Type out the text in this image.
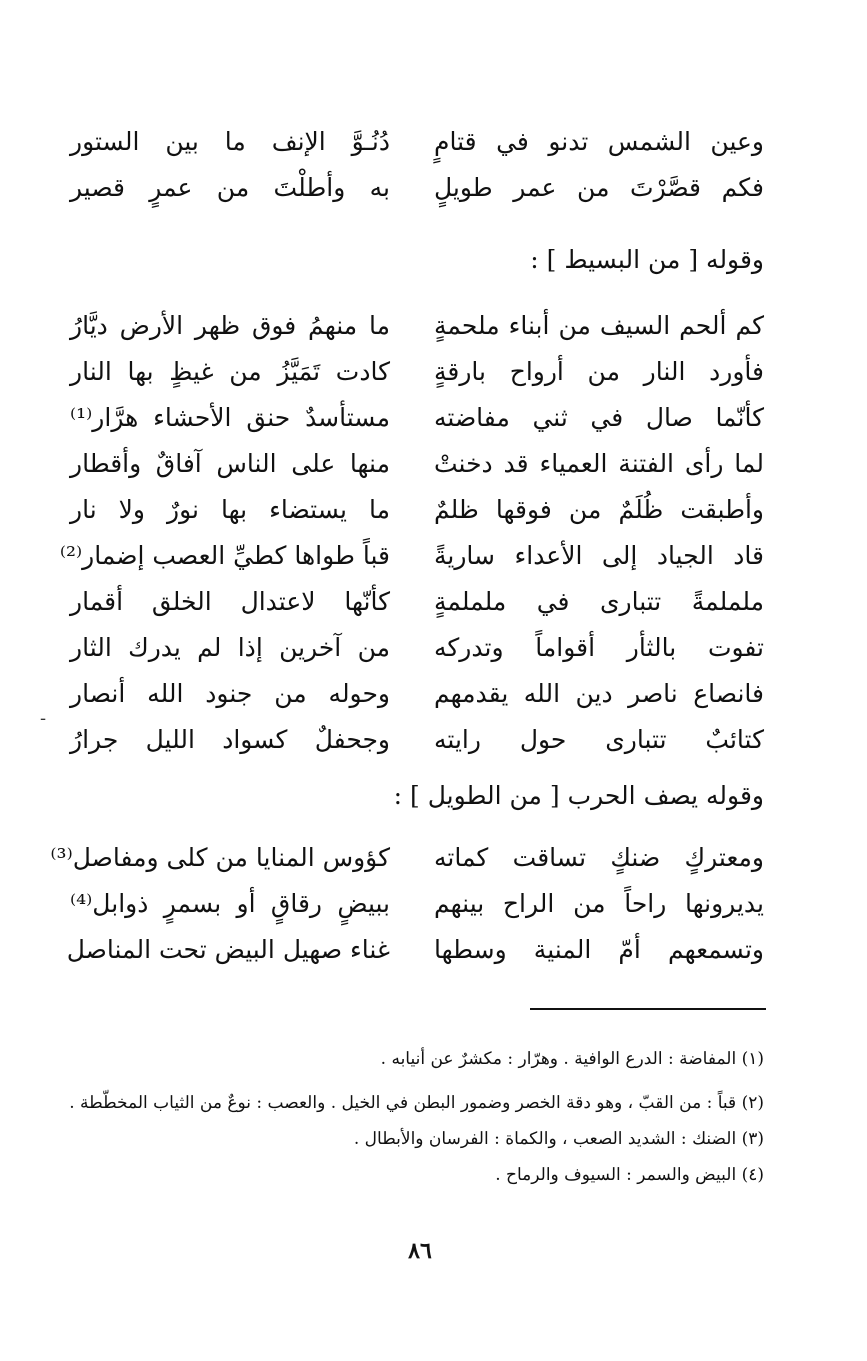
وعين الشمس تدنو في قتامٍ
دُنُـوَّ الإنف ما بين الستور
فكم قصَّرْتَ من عمر طويلٍ
به وأطلْتَ من عمرٍ قصير
وقوله [ من البسيط ] :
كم ألحم السيف من أبناء ملحمةٍ
ما منهمُ فوق ظهر الأرض ديَّارُ
فأورد النار من أرواح بارقةٍ
كادت تَمَيَّزُ من غيظٍ بها النار
كأنّما صال في ثني مفاضته
مستأسدٌ حنق الأحشاء هرَّار⁽¹⁾
لما رأى الفتنة العمياء قد دخنتْ
منها على الناس آفاقٌ وأقطار
وأطبقت ظُلَمٌ من فوقها ظلمٌ
ما يستضاء بها نورٌ ولا نار
قاد الجياد إلى الأعداء ساريةً
قباً طواها كطيِّ العصب إضمار⁽²⁾
ململمةً تتبارى في ململمةٍ
كأنّها لاعتدال الخلق أقمار
تفوت بالثأر أقواماً وتدركه
من آخرين إذا لم يدرك الثار
فانصاع ناصر دين الله يقدمهم
وحوله من جنود الله أنصار
كتائبٌ تتبارى حول رايته
وجحفلٌ كسواد الليل جرارُ
-
وقوله يصف الحرب [ من الطويل ] :
ومعتركٍ ضنكٍ تساقت كماته
كؤوس المنايا من كلى ومفاصل⁽³⁾
يديرونها راحاً من الراح بينهم
ببيضٍ رقاقٍ أو بسمرٍ ذوابل⁽⁴⁾
وتسمعهم أمّ المنية وسطها
غناء صهيل البيض تحت المناصل
(١) المفاضة : الدرع الوافية . وهرّار : مكشرٌ عن أنيابه .
(٢) قباً : من القبّ ، وهو دقة الخصر وضمور البطن في الخيل . والعصب : نوعٌ من الثياب المخطّطة .
(٣) الضنك : الشديد الصعب ، والكماة : الفرسان والأبطال .
(٤) البيض والسمر : السيوف والرماح .
٨٦
